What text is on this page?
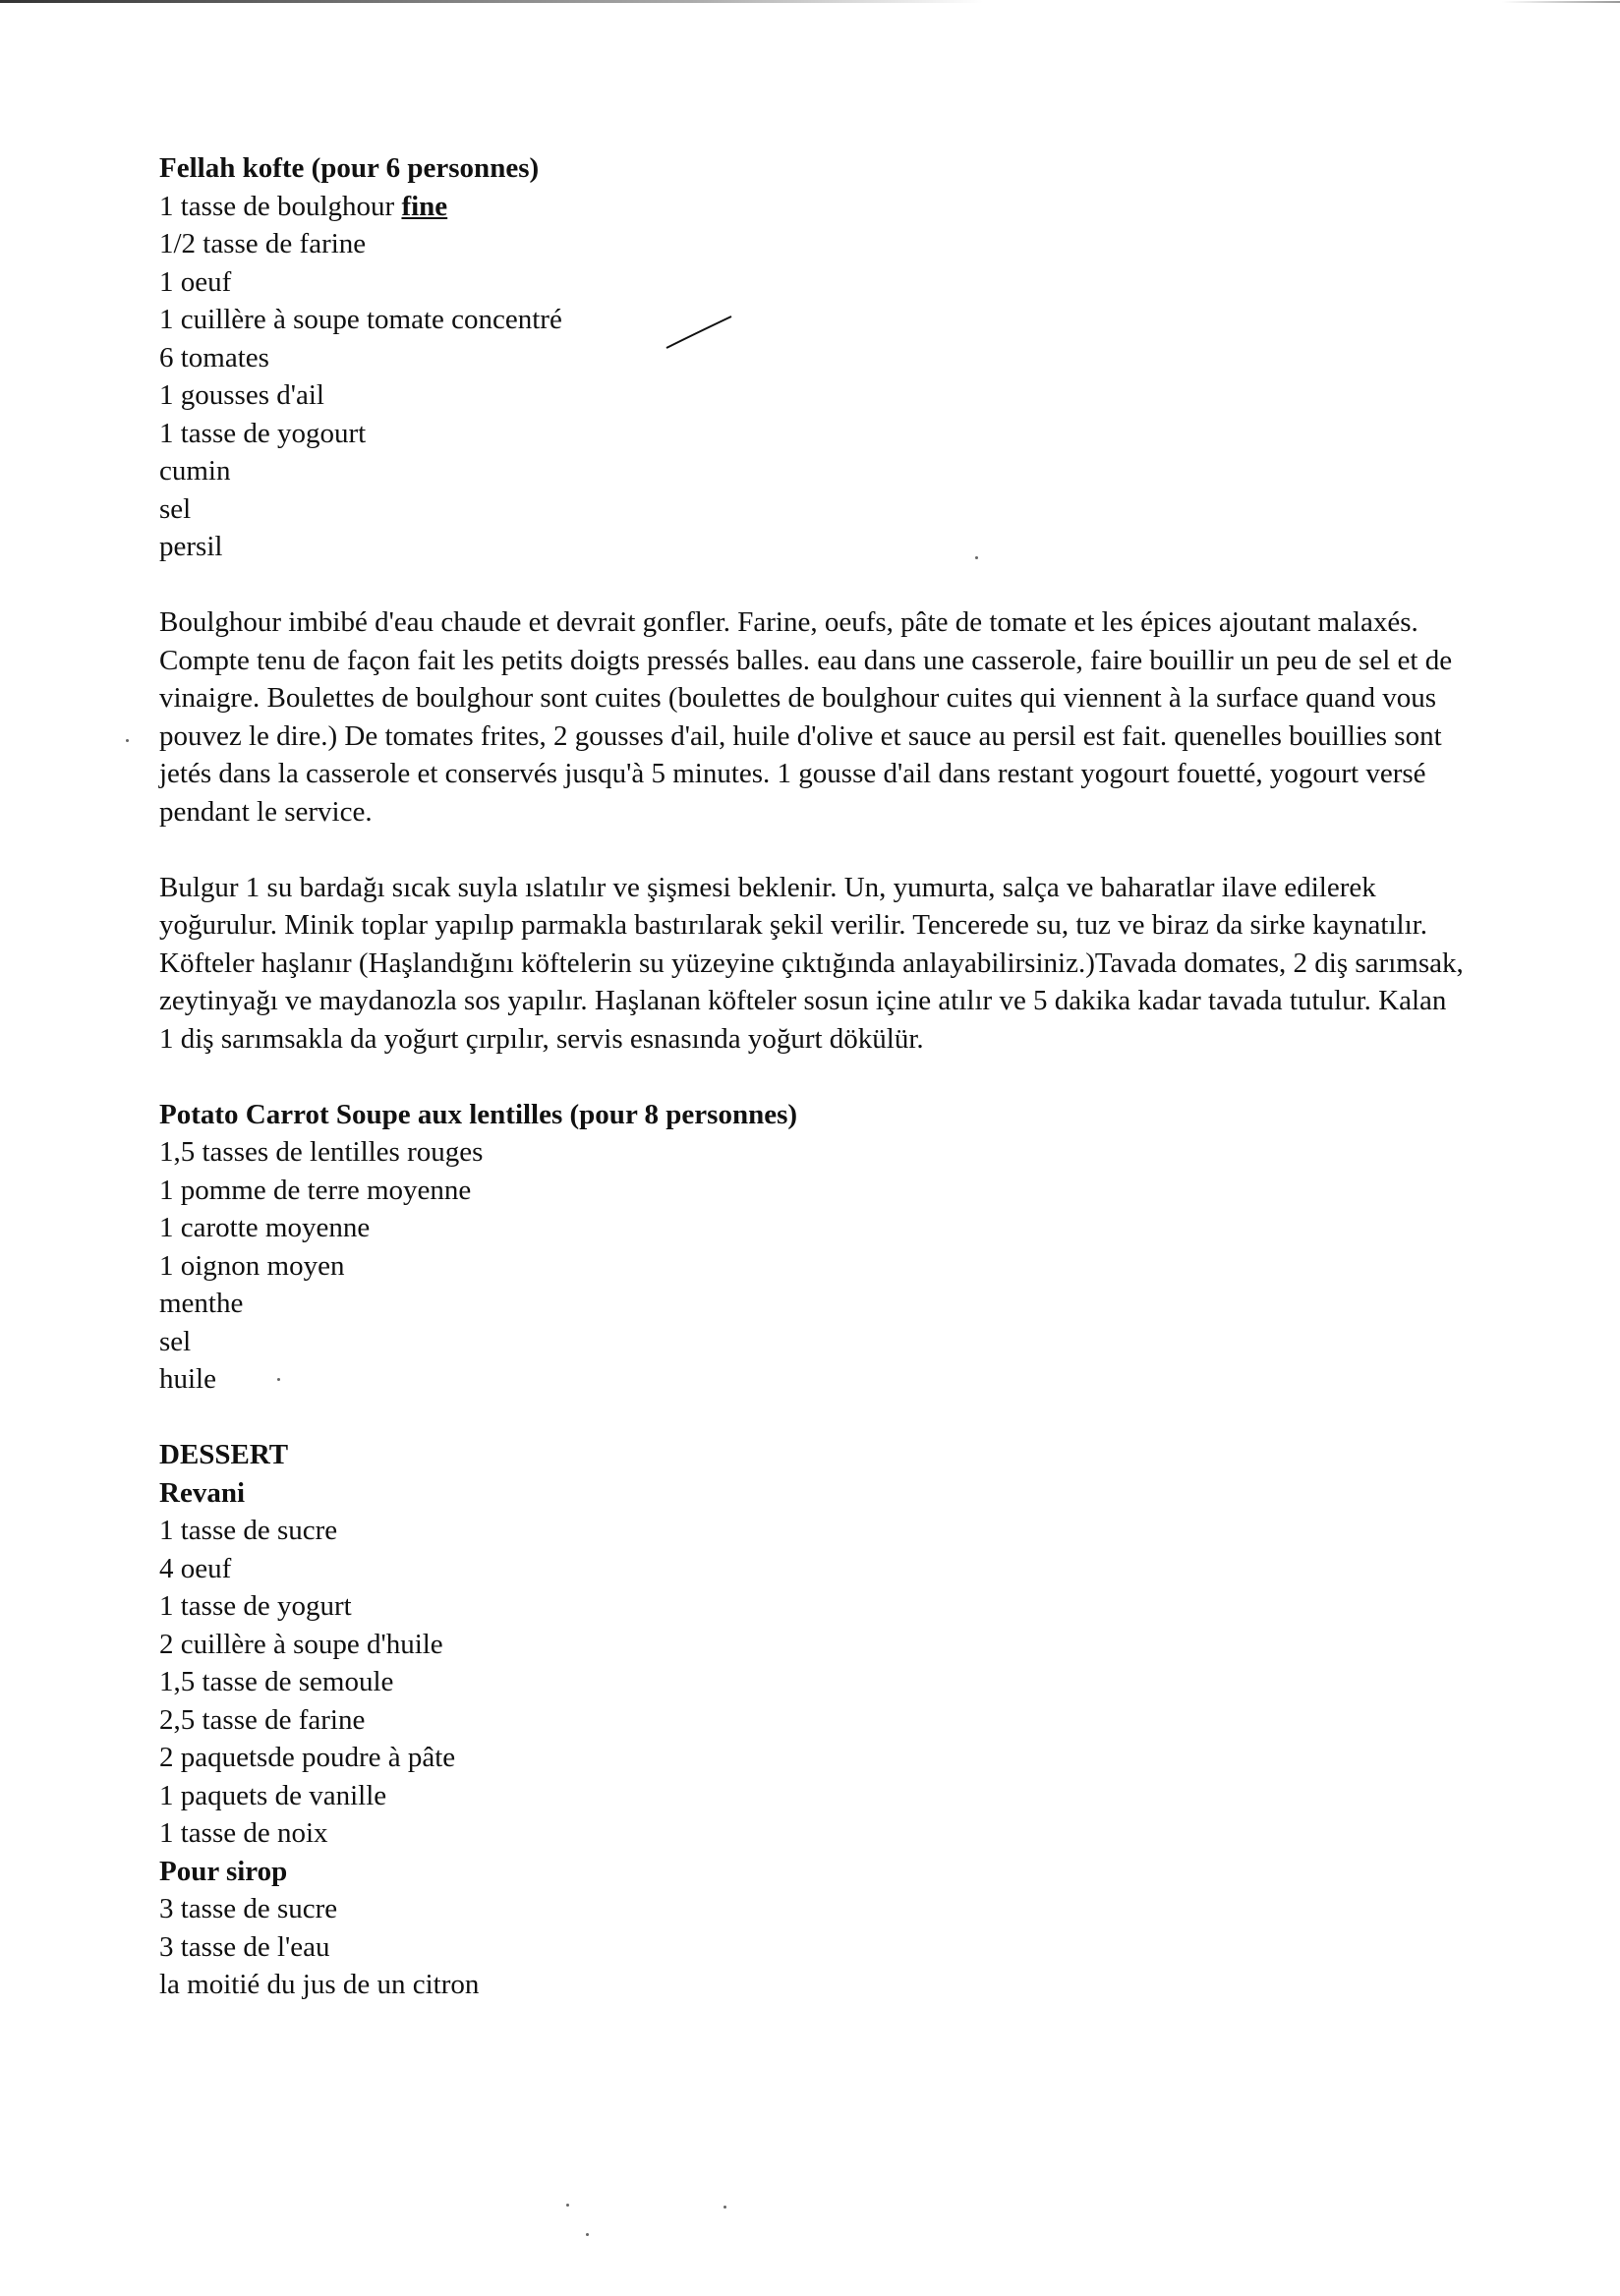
Fellah kofte (pour 6 personnes)

1 tasse de boulghour fine

1/2 tasse de farine

1 oeuf

1 cuillère à soupe tomate concentré

6 tomates

1 gousses d'ail

1 tasse de yogourt

cumin

sel

persil

Boulghour imbibé d'eau chaude et devrait gonfler. Farine, oeufs, pâte de tomate et les épices ajoutant malaxés. Compte tenu de façon fait les petits doigts pressés balles. eau dans une casserole, faire bouillir un peu de sel et de vinaigre. Boulettes de boulghour sont cuites (boulettes de boulghour cuites qui viennent à la surface quand vous pouvez le dire.) De tomates frites, 2 gousses d'ail, huile d'olive et sauce au persil est fait. quenelles bouillies sont jetés dans la casserole et conservés jusqu'à 5 minutes. 1 gousse d'ail dans restant yogourt fouetté, yogourt versé pendant le service.

Bulgur 1 su bardağı sıcak suyla ıslatılır ve şişmesi beklenir. Un, yumurta, salça ve baharatlar ilave edilerek yoğurulur. Minik toplar yapılıp parmakla bastırılarak şekil verilir. Tencerede su, tuz ve biraz da sirke kaynatılır. Köfteler haşlanır (Haşlandığını köftelerin su yüzeyine çıktığında anlayabilirsiniz.)Tavada domates, 2 diş sarımsak, zeytinyağı ve maydanozla sos yapılır. Haşlanan köfteler sosun içine atılır ve 5 dakika kadar tavada tutulur. Kalan 1 diş sarımsakla da yoğurt çırpılır, servis esnasında yoğurt dökülür.

Potato Carrot Soupe aux lentilles (pour 8 personnes)

1,5 tasses de lentilles rouges

1 pomme de terre moyenne

1 carotte moyenne

1 oignon moyen

menthe

sel

huile

DESSERT

Revani

1 tasse de sucre

4 oeuf

1 tasse de yogurt

2 cuillère à soupe d'huile

1,5 tasse de semoule

2,5 tasse de farine

2 paquetsde poudre à pâte

1 paquets de vanille

1 tasse de noix

Pour sirop

3 tasse de sucre

3 tasse de l'eau

la moitié du jus de un citron
